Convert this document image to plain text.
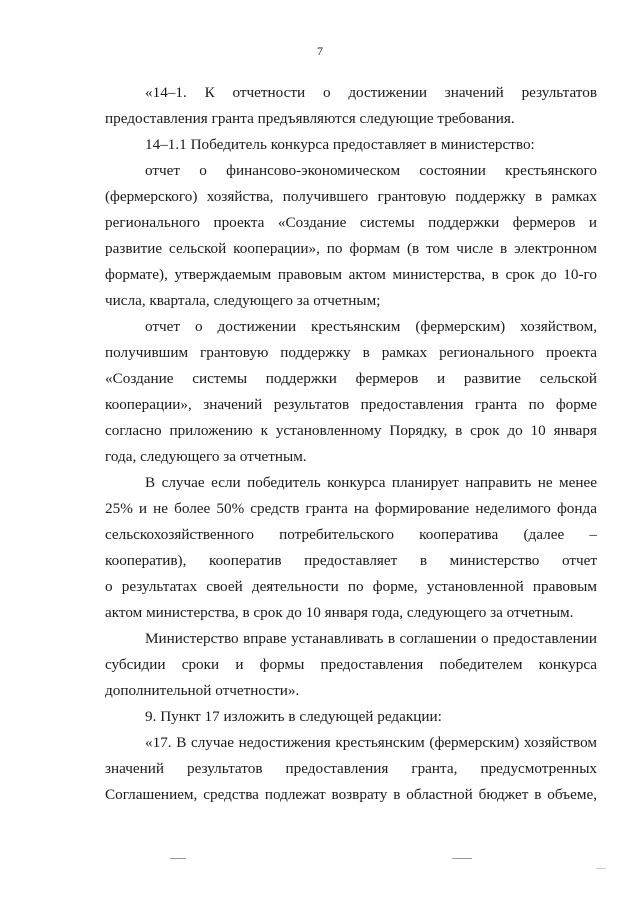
7
«14–1. К отчетности о достижении значений результатов
предоставления гранта предъявляются следующие требования.
14–1.1 Победитель конкурса предоставляет в министерство:
отчет о финансово-экономическом состоянии крестьянского
(фермерского) хозяйства, получившего грантовую поддержку в рамках
регионального проекта «Создание системы поддержки фермеров и
развитие сельской кооперации», по формам (в том числе в электронном
формате), утверждаемым правовым актом министерства, в срок до 10-го
числа, квартала, следующего за отчетным;
отчет о достижении крестьянским (фермерским) хозяйством,
получившим грантовую поддержку в рамках регионального проекта
«Создание системы поддержки фермеров и развитие сельской
кооперации», значений результатов предоставления гранта по форме
согласно приложению к установленному Порядку, в срок до 10 января
года, следующего за отчетным.
В случае если победитель конкурса планирует направить не менее
25% и не более 50% средств гранта на формирование неделимого фонда
сельскохозяйственного потребительского кооператива (далее –
кооператив), кооператив предоставляет в министерство отчет
о результатах своей деятельности по форме, установленной правовым
актом министерства, в срок до 10 января года, следующего за отчетным.
Министерство вправе устанавливать в соглашении о предоставлении
субсидии сроки и формы предоставления победителем конкурса
дополнительной отчетности».
9. Пункт 17 изложить в следующей редакции:
«17. В случае недостижения крестьянским (фермерским) хозяйством
значений результатов предоставления гранта, предусмотренных
Соглашением, средства подлежат возврату в областной бюджет в объеме,
